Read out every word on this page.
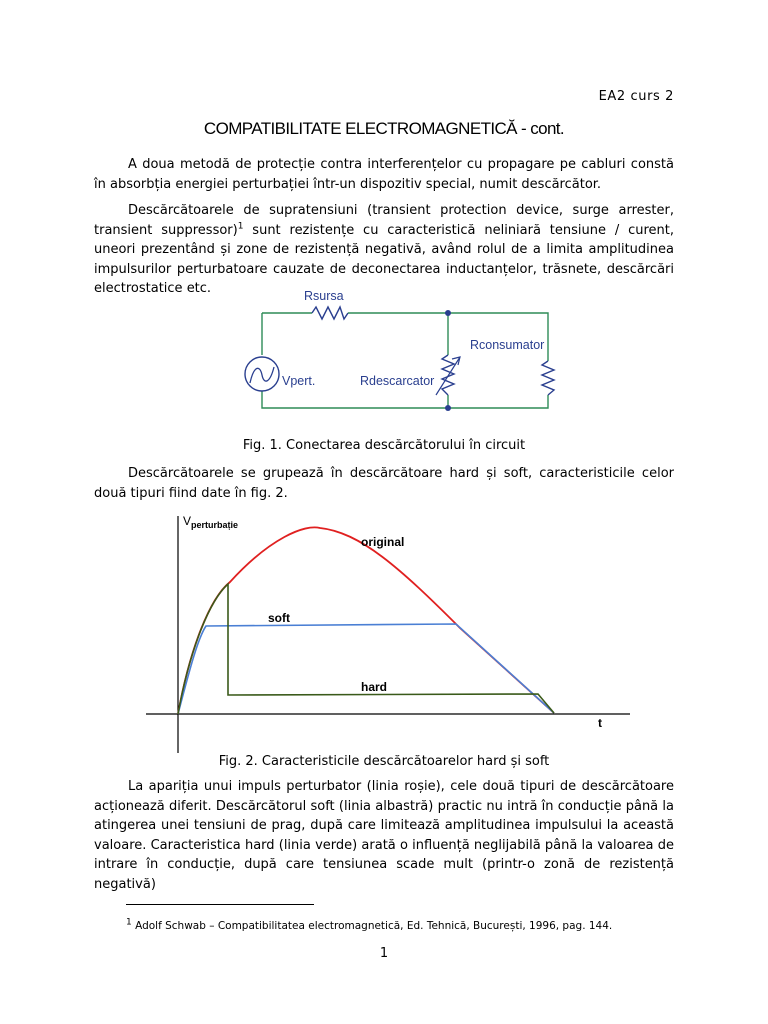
EA2 curs 2
COMPATIBILITATE ELECTROMAGNETICĂ - cont.
A doua metodă de protecție contra interferențelor cu propagare pe cabluri constă în absorbția energiei perturbației într-un dispozitiv special, numit descărcător.
Descărcătoarele de supratensiuni (transient protection device, surge arrester, transient suppressor)$^1$ sunt rezistențe cu caracteristică neliniară tensiune / curent, uneori prezentând și zone de rezistență negativă, având rolul de a limita amplitudinea impulsurilor perturbatoare cauzate de deconectarea inductanțelor, trăsnete, descărcări electrostatice etc.	Rsursa
Rconsumator
Rdescarcator
Vpert.
Fig. 1. Conectarea descărcătorului în circuit
Descărcătoarele se grupează în descărcătoare hard și soft, caracteristicile celor două tipuri fiind date în fig. 2.
$V_{perturbație}$
t
original
soft
hard
Fig. 2. Caracteristicile descărcătoarelor hard și soft
La apariția unui impuls perturbator (linia roșie), cele două tipuri de descărcătoare acționează diferit. Descărcătorul soft (linia albastră) practic nu intră în conducție până la atingerea unei tensiuni de prag, după care limitează amplitudinea impulsului la această valoare. Caracteristica hard (linia verde) arată o influență neglijabilă până la valoarea de intrare în conducție, după care tensiunea scade mult (printr-o zonă de rezistență negativă)
$^1$ Adolf Schwab – Compatibilitatea electromagnetică, Ed. Tehnică, București, 1996, pag. 144.
1
